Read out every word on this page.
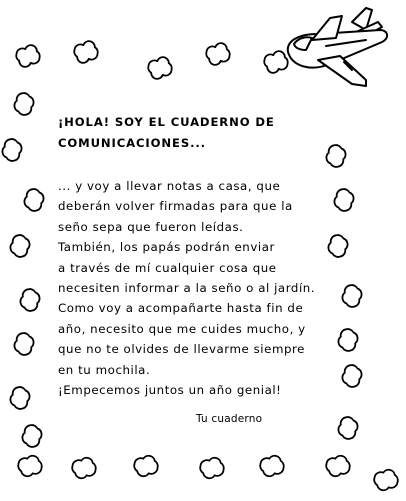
¡HOLA! SOY EL CUADERNO DE
COMUNICACIONES...
... y voy a llevar notas a casa, que
deberán volver firmadas para que la
seño sepa que fueron leídas.
También, los papás podrán enviar
a través de mí cualquier cosa que
necesiten informar a la seño o al jardín.
Como voy a acompañarte hasta fin de
año, necesito que me cuides mucho, y
que no te olvides de llevarme siempre
en tu mochila.
¡Empecemos juntos un año genial!
Tu cuaderno
